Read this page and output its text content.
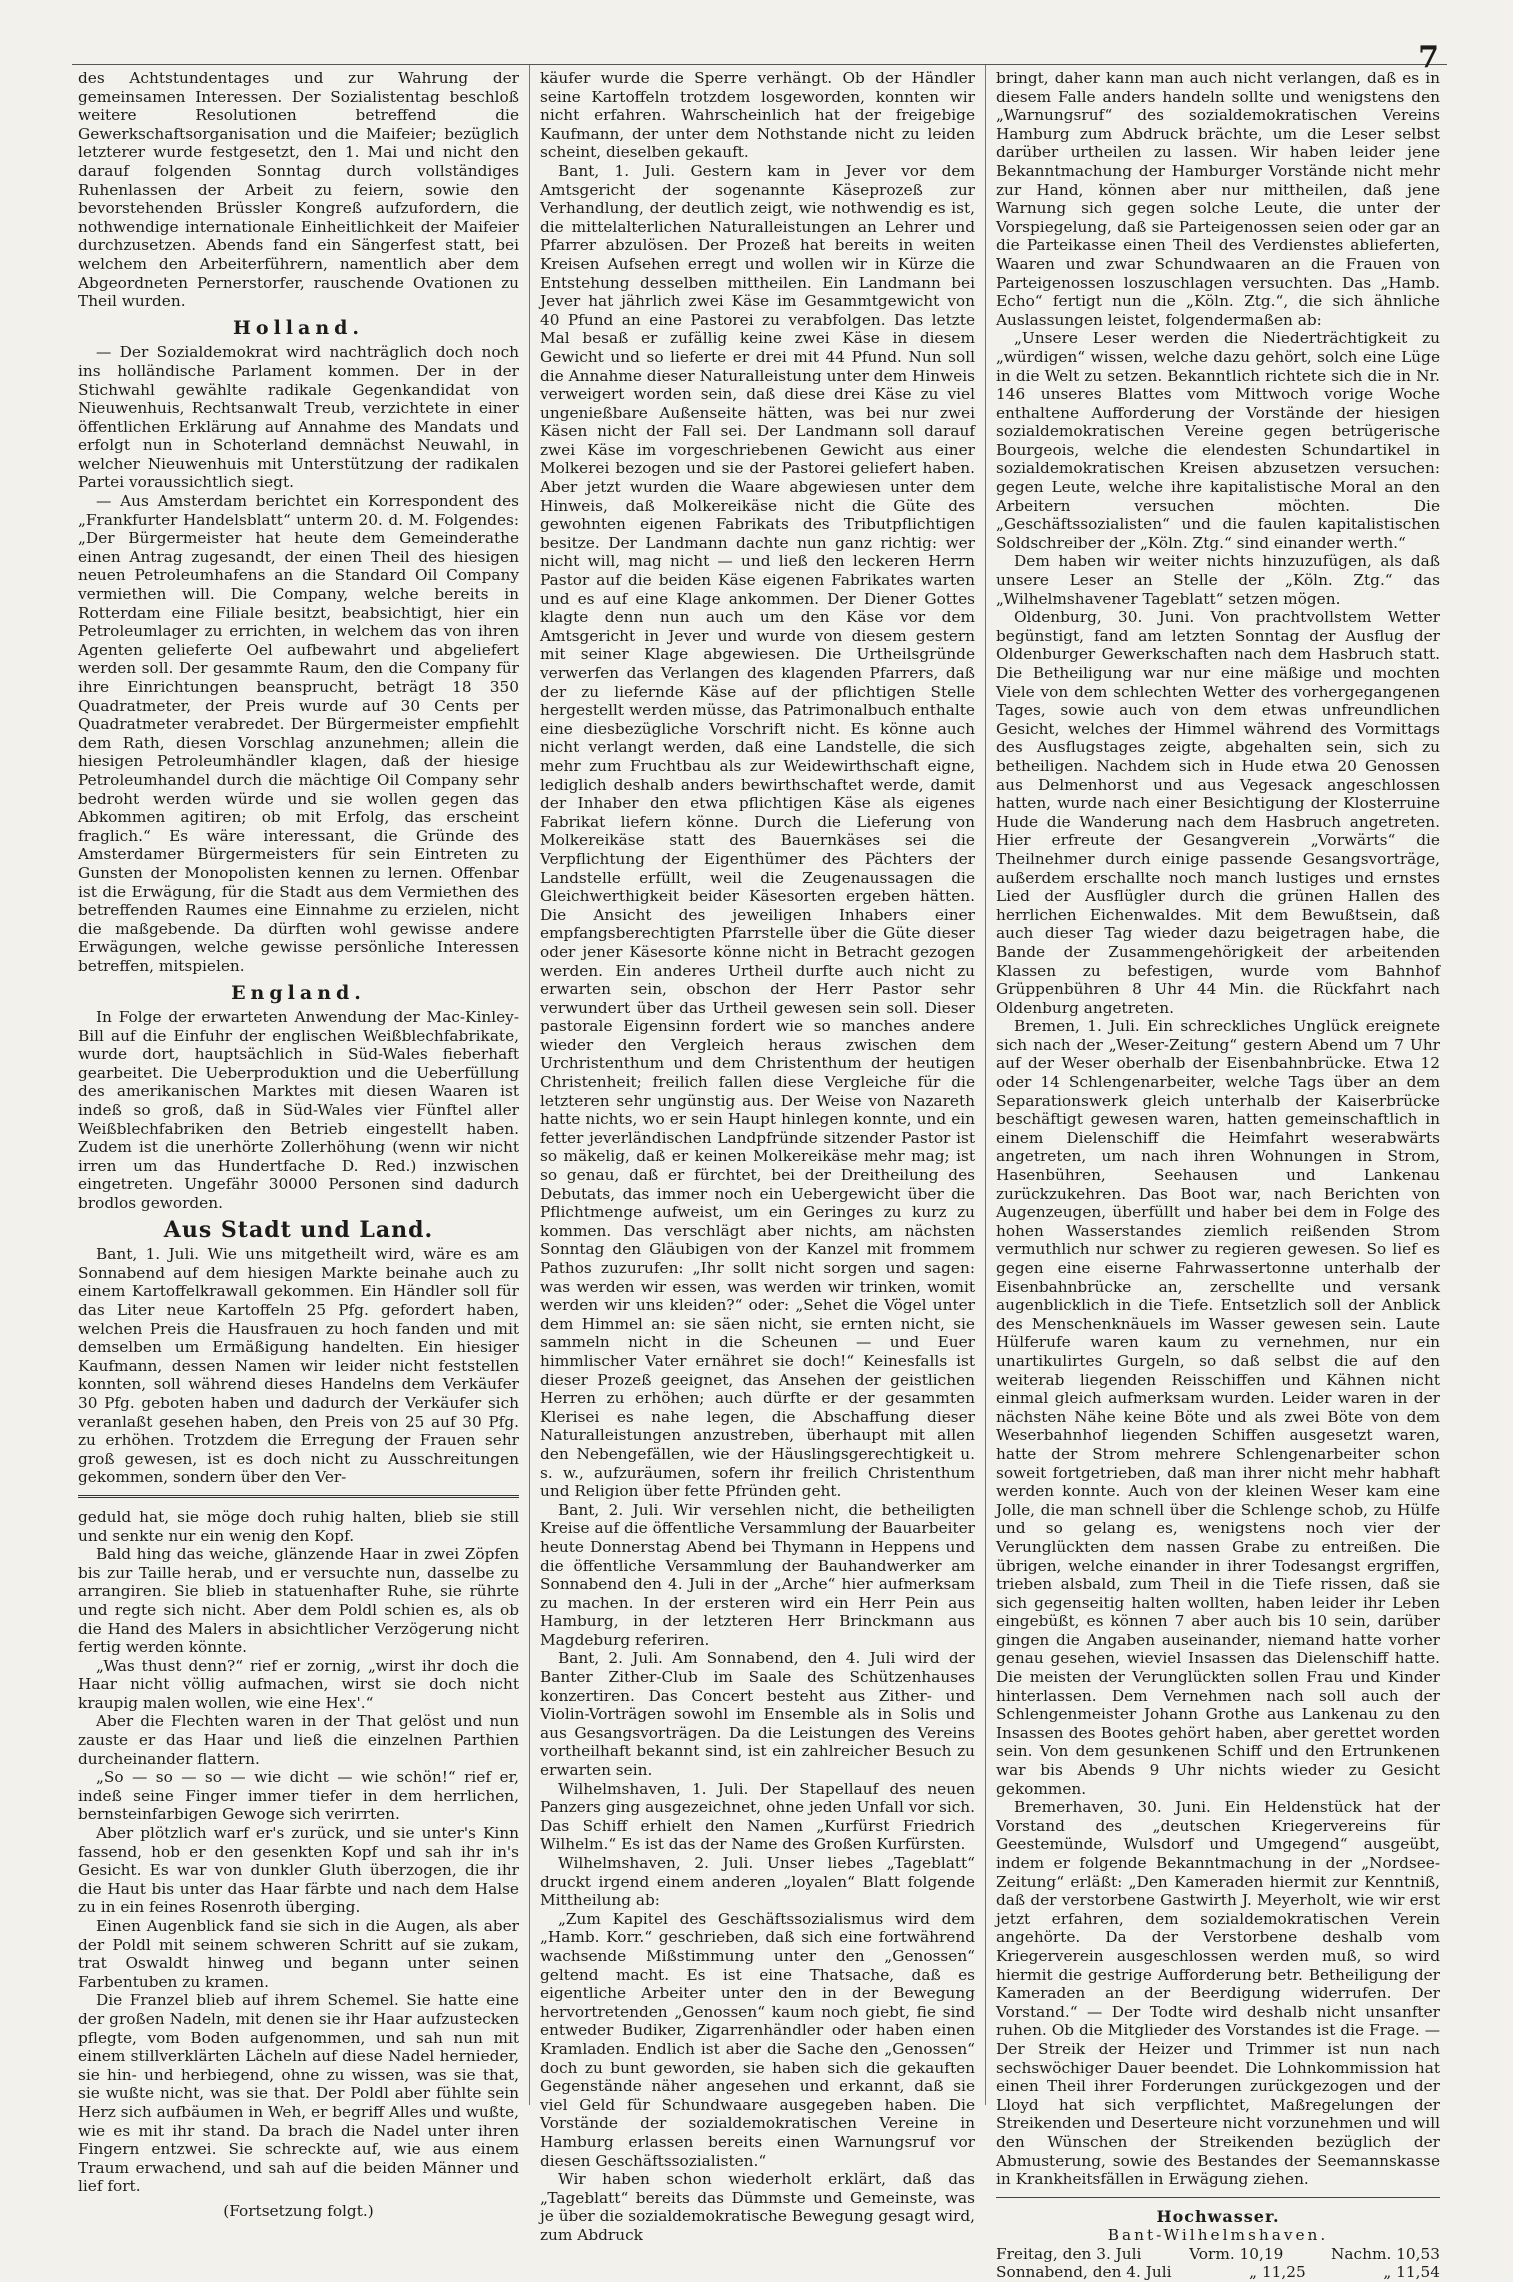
7

des Achtstundentages und zur Wahrung der gemeinsamen Interessen. Der Sozialistentag beschloß weitere Resolutionen betreffend die Gewerkschaftsorganisation und die Maifeier; bezüglich letzterer wurde festgesetzt, den 1. Mai und nicht den darauf folgenden Sonntag durch vollständiges Ruhenlassen der Arbeit zu feiern, sowie den bevorstehenden Brüssler Kongreß aufzufordern, die nothwendige internationale Einheitlichkeit der Maifeier durchzusetzen. Abends fand ein Sängerfest statt, bei welchem den Arbeiterführern, namentlich aber dem Abgeordneten Pernerstorfer, rauschende Ovationen zu Theil wurden.

Holland.

— Der Sozialdemokrat wird nachträglich doch noch ins holländische Parlament kommen. Der in der Stichwahl gewählte radikale Gegenkandidat von Nieuwenhuis, Rechtsanwalt Treub, verzichtete in einer öffentlichen Erklärung auf Annahme des Mandats und erfolgt nun in Schoterland demnächst Neuwahl, in welcher Nieuwenhuis mit Unterstützung der radikalen Partei voraussichtlich siegt.

— Aus Amsterdam berichtet ein Korrespondent des „Frankfurter Handelsblatt“ unterm 20. d. M. Folgendes: „Der Bürgermeister hat heute dem Gemeinderathe einen Antrag zugesandt, der einen Theil des hiesigen neuen Petroleumhafens an die Standard Oil Company vermiethen will. Die Company, welche bereits in Rotterdam eine Filiale besitzt, beabsichtigt, hier ein Petroleumlager zu errichten, in welchem das von ihren Agenten gelieferte Oel aufbewahrt und abgeliefert werden soll. Der gesammte Raum, den die Company für ihre Einrichtungen beansprucht, beträgt 18 350 Quadratmeter, der Preis wurde auf 30 Cents per Quadratmeter verabredet. Der Bürgermeister empfiehlt dem Rath, diesen Vorschlag anzunehmen; allein die hiesigen Petroleumhändler klagen, daß der hiesige Petroleumhandel durch die mächtige Oil Company sehr bedroht werden würde und sie wollen gegen das Abkommen agitiren; ob mit Erfolg, das erscheint fraglich.“ Es wäre interessant, die Gründe des Amsterdamer Bürgermeisters für sein Eintreten zu Gunsten der Monopolisten kennen zu lernen. Offenbar ist die Erwägung, für die Stadt aus dem Vermiethen des betreffenden Raumes eine Einnahme zu erzielen, nicht die maßgebende. Da dürften wohl gewisse andere Erwägungen, welche gewisse persönliche Interessen betreffen, mitspielen.

England.

In Folge der erwarteten Anwendung der Mac-Kinley-Bill auf die Einfuhr der englischen Weißblechfabrikate, wurde dort, hauptsächlich in Süd-Wales fieberhaft gearbeitet. Die Ueberproduktion und die Ueberfüllung des amerikanischen Marktes mit diesen Waaren ist indeß so groß, daß in Süd-Wales vier Fünftel aller Weißblechfabriken den Betrieb eingestellt haben. Zudem ist die unerhörte Zollerhöhung (wenn wir nicht irren um das Hundertfache D. Red.) inzwischen eingetreten. Ungefähr 30000 Personen sind dadurch brodlos geworden.

Aus Stadt und Land.

Bant, 1. Juli. Wie uns mitgetheilt wird, wäre es am Sonnabend auf dem hiesigen Markte beinahe auch zu einem Kartoffelkrawall gekommen. Ein Händler soll für das Liter neue Kartoffeln 25 Pfg. gefordert haben, welchen Preis die Hausfrauen zu hoch fanden und mit demselben um Ermäßigung handelten. Ein hiesiger Kaufmann, dessen Namen wir leider nicht feststellen konnten, soll während dieses Handelns dem Verkäufer 30 Pfg. geboten haben und dadurch der Verkäufer sich veranlaßt gesehen haben, den Preis von 25 auf 30 Pfg. zu erhöhen. Trotzdem die Erregung der Frauen sehr groß gewesen, ist es doch nicht zu Ausschreitungen gekommen, sondern über den Ver-

geduld hat, sie möge doch ruhig halten, blieb sie still und senkte nur ein wenig den Kopf.

Bald hing das weiche, glänzende Haar in zwei Zöpfen bis zur Taille herab, und er versuchte nun, dasselbe zu arrangiren. Sie blieb in statuenhafter Ruhe, sie rührte und regte sich nicht. Aber dem Poldl schien es, als ob die Hand des Malers in absichtlicher Verzögerung nicht fertig werden könnte.

„Was thust denn?“ rief er zornig, „wirst ihr doch die Haar nicht völlig aufmachen, wirst sie doch nicht kraupig malen wollen, wie eine Hex'.“

Aber die Flechten waren in der That gelöst und nun zauste er das Haar und ließ die einzelnen Parthien durcheinander flattern.

„So — so — so — wie dicht — wie schön!“ rief er, indeß seine Finger immer tiefer in dem herrlichen, bernsteinfarbigen Gewoge sich verirrten.

Aber plötzlich warf er's zurück, und sie unter's Kinn fassend, hob er den gesenkten Kopf und sah ihr in's Gesicht. Es war von dunkler Gluth überzogen, die ihr die Haut bis unter das Haar färbte und nach dem Halse zu in ein feines Rosenroth überging.

Einen Augenblick fand sie sich in die Augen, als aber der Poldl mit seinem schweren Schritt auf sie zukam, trat Oswaldt hinweg und begann unter seinen Farbentuben zu kramen.

Die Franzel blieb auf ihrem Schemel. Sie hatte eine der großen Nadeln, mit denen sie ihr Haar aufzustecken pflegte, vom Boden aufgenommen, und sah nun mit einem stillverklärten Lächeln auf diese Nadel hernieder, sie hin- und herbiegend, ohne zu wissen, was sie that, sie wußte nicht, was sie that. Der Poldl aber fühlte sein Herz sich aufbäumen in Weh, er begriff Alles und wußte, wie es mit ihr stand. Da brach die Nadel unter ihren Fingern entzwei. Sie schreckte auf, wie aus einem Traum erwachend, und sah auf die beiden Männer und lief fort.

(Fortsetzung folgt.)

käufer wurde die Sperre verhängt. Ob der Händler seine Kartoffeln trotzdem losgeworden, konnten wir nicht erfahren. Wahrscheinlich hat der freigebige Kaufmann, der unter dem Nothstande nicht zu leiden scheint, dieselben gekauft.

Bant, 1. Juli. Gestern kam in Jever vor dem Amtsgericht der sogenannte Käseprozeß zur Verhandlung, der deutlich zeigt, wie nothwendig es ist, die mittelalterlichen Naturalleistungen an Lehrer und Pfarrer abzulösen. Der Prozeß hat bereits in weiten Kreisen Aufsehen erregt und wollen wir in Kürze die Entstehung desselben mittheilen. Ein Landmann bei Jever hat jährlich zwei Käse im Gesammtgewicht von 40 Pfund an eine Pastorei zu verabfolgen. Das letzte Mal besaß er zufällig keine zwei Käse in diesem Gewicht und so lieferte er drei mit 44 Pfund. Nun soll die Annahme dieser Naturalleistung unter dem Hinweis verweigert worden sein, daß diese drei Käse zu viel ungenießbare Außenseite hätten, was bei nur zwei Käsen nicht der Fall sei. Der Landmann soll darauf zwei Käse im vorgeschriebenen Gewicht aus einer Molkerei bezogen und sie der Pastorei geliefert haben. Aber jetzt wurden die Waare abgewiesen unter dem Hinweis, daß Molkereikäse nicht die Güte des gewohnten eigenen Fabrikats des Tributpflichtigen besitze. Der Landmann dachte nun ganz richtig: wer nicht will, mag nicht — und ließ den leckeren Herrn Pastor auf die beiden Käse eigenen Fabrikates warten und es auf eine Klage ankommen. Der Diener Gottes klagte denn nun auch um den Käse vor dem Amtsgericht in Jever und wurde von diesem gestern mit seiner Klage abgewiesen. Die Urtheilsgründe verwerfen das Verlangen des klagenden Pfarrers, daß der zu liefernde Käse auf der pflichtigen Stelle hergestellt werden müsse, das Patrimonalbuch enthalte eine diesbezügliche Vorschrift nicht. Es könne auch nicht verlangt werden, daß eine Landstelle, die sich mehr zum Fruchtbau als zur Weidewirthschaft eigne, lediglich deshalb anders bewirthschaftet werde, damit der Inhaber den etwa pflichtigen Käse als eigenes Fabrikat liefern könne. Durch die Lieferung von Molkereikäse statt des Bauernkäses sei die Verpflichtung der Eigenthümer des Pächters der Landstelle erfüllt, weil die Zeugenaussagen die Gleichwerthigkeit beider Käsesorten ergeben hätten. Die Ansicht des jeweiligen Inhabers einer empfangsberechtigten Pfarrstelle über die Güte dieser oder jener Käsesorte könne nicht in Betracht gezogen werden. Ein anderes Urtheil durfte auch nicht zu erwarten sein, obschon der Herr Pastor sehr verwundert über das Urtheil gewesen sein soll. Dieser pastorale Eigensinn fordert wie so manches andere wieder den Vergleich heraus zwischen dem Urchristenthum und dem Christenthum der heutigen Christenheit; freilich fallen diese Vergleiche für die letzteren sehr ungünstig aus. Der Weise von Nazareth hatte nichts, wo er sein Haupt hinlegen konnte, und ein fetter jeverländischen Landpfründe sitzender Pastor ist so mäkelig, daß er keinen Molkereikäse mehr mag; ist so genau, daß er fürchtet, bei der Dreitheilung des Debutats, das immer noch ein Uebergewicht über die Pflichtmenge aufweist, um ein Geringes zu kurz zu kommen. Das verschlägt aber nichts, am nächsten Sonntag den Gläubigen von der Kanzel mit frommem Pathos zuzurufen: „Ihr sollt nicht sorgen und sagen: was werden wir essen, was werden wir trinken, womit werden wir uns kleiden?“ oder: „Sehet die Vögel unter dem Himmel an: sie säen nicht, sie ernten nicht, sie sammeln nicht in die Scheunen — und Euer himmlischer Vater ernähret sie doch!“ Keinesfalls ist dieser Prozeß geeignet, das Ansehen der geistlichen Herren zu erhöhen; auch dürfte er der gesammten Klerisei es nahe legen, die Abschaffung dieser Naturalleistungen anzustreben, überhaupt mit allen den Nebengefällen, wie der Häuslingsgerechtigkeit u. s. w., aufzuräumen, sofern ihr freilich Christenthum und Religion über fette Pfründen geht.

Bant, 2. Juli. Wir versehlen nicht, die betheiligten Kreise auf die öffentliche Versammlung der Bauarbeiter heute Donnerstag Abend bei Thymann in Heppens und die öffentliche Versammlung der Bauhandwerker am Sonnabend den 4. Juli in der „Arche“ hier aufmerksam zu machen. In der ersteren wird ein Herr Pein aus Hamburg, in der letzteren Herr Brinckmann aus Magdeburg referiren.

Bant, 2. Juli. Am Sonnabend, den 4. Juli wird der Banter Zither-Club im Saale des Schützenhauses konzertiren. Das Concert besteht aus Zither- und Violin-Vorträgen sowohl im Ensemble als in Solis und aus Gesangsvorträgen. Da die Leistungen des Vereins vortheilhaft bekannt sind, ist ein zahlreicher Besuch zu erwarten sein.

Wilhelmshaven, 1. Juli. Der Stapellauf des neuen Panzers ging ausgezeichnet, ohne jeden Unfall vor sich. Das Schiff erhielt den Namen „Kurfürst Friedrich Wilhelm.“ Es ist das der Name des Großen Kurfürsten.

Wilhelmshaven, 2. Juli. Unser liebes „Tageblatt“ druckt irgend einem anderen „loyalen“ Blatt folgende Mittheilung ab:

„Zum Kapitel des Geschäftssozialismus wird dem „Hamb. Korr.“ geschrieben, daß sich eine fortwährend wachsende Mißstimmung unter den „Genossen“ geltend macht. Es ist eine Thatsache, daß es eigentliche Arbeiter unter den in der Bewegung hervortretenden „Genossen“ kaum noch giebt, fie sind entweder Budiker, Zigarrenhändler oder haben einen Kramladen. Endlich ist aber die Sache den „Genossen“ doch zu bunt geworden, sie haben sich die gekauften Gegenstände näher angesehen und erkannt, daß sie viel Geld für Schundwaare ausgegeben haben. Die Vorstände der sozialdemokratischen Vereine in Hamburg erlassen bereits einen Warnungsruf vor diesen Geschäftssozialisten.“

Wir haben schon wiederholt erklärt, daß das „Tageblatt“ bereits das Dümmste und Gemeinste, was je über die sozialdemokratische Bewegung gesagt wird, zum Abdruck

bringt, daher kann man auch nicht verlangen, daß es in diesem Falle anders handeln sollte und wenigstens den „Warnungsruf“ des sozialdemokratischen Vereins Hamburg zum Abdruck brächte, um die Leser selbst darüber urtheilen zu lassen. Wir haben leider jene Bekanntmachung der Hamburger Vorstände nicht mehr zur Hand, können aber nur mittheilen, daß jene Warnung sich gegen solche Leute, die unter der Vorspiegelung, daß sie Parteigenossen seien oder gar an die Parteikasse einen Theil des Verdienstes ablieferten, Waaren und zwar Schundwaaren an die Frauen von Parteigenossen loszuschlagen versuchten. Das „Hamb. Echo“ fertigt nun die „Köln. Ztg.“, die sich ähnliche Auslassungen leistet, folgendermaßen ab:

„Unsere Leser werden die Niederträchtigkeit zu „würdigen“ wissen, welche dazu gehört, solch eine Lüge in die Welt zu setzen. Bekanntlich richtete sich die in Nr. 146 unseres Blattes vom Mittwoch vorige Woche enthaltene Aufforderung der Vorstände der hiesigen sozialdemokratischen Vereine gegen betrügerische Bourgeois, welche die elendesten Schundartikel in sozialdemokratischen Kreisen abzusetzen versuchen: gegen Leute, welche ihre kapitalistische Moral an den Arbeitern versuchen möchten. Die „Geschäftssozialisten“ und die faulen kapitalistischen Soldschreiber der „Köln. Ztg.“ sind einander werth.“

Dem haben wir weiter nichts hinzuzufügen, als daß unsere Leser an Stelle der „Köln. Ztg.“ das „Wilhelmshavener Tageblatt“ setzen mögen.

Oldenburg, 30. Juni. Von prachtvollstem Wetter begünstigt, fand am letzten Sonntag der Ausflug der Oldenburger Gewerkschaften nach dem Hasbruch statt. Die Betheiligung war nur eine mäßige und mochten Viele von dem schlechten Wetter des vorhergegangenen Tages, sowie auch von dem etwas unfreundlichen Gesicht, welches der Himmel während des Vormittags des Ausflugstages zeigte, abgehalten sein, sich zu betheiligen. Nachdem sich in Hude etwa 20 Genossen aus Delmenhorst und aus Vegesack angeschlossen hatten, wurde nach einer Besichtigung der Klosterruine Hude die Wanderung nach dem Hasbruch angetreten. Hier erfreute der Gesangverein „Vorwärts“ die Theilnehmer durch einige passende Gesangsvorträge, außerdem erschallte noch manch lustiges und ernstes Lied der Ausflügler durch die grünen Hallen des herrlichen Eichenwaldes. Mit dem Bewußtsein, daß auch dieser Tag wieder dazu beigetragen habe, die Bande der Zusammengehörigkeit der arbeitenden Klassen zu befestigen, wurde vom Bahnhof Grüppenbühren 8 Uhr 44 Min. die Rückfahrt nach Oldenburg angetreten.

Bremen, 1. Juli. Ein schreckliches Unglück ereignete sich nach der „Weser-Zeitung“ gestern Abend um 7 Uhr auf der Weser oberhalb der Eisenbahnbrücke. Etwa 12 oder 14 Schlengenarbeiter, welche Tags über an dem Separationswerk gleich unterhalb der Kaiserbrücke beschäftigt gewesen waren, hatten gemeinschaftlich in einem Dielenschiff die Heimfahrt weserabwärts angetreten, um nach ihren Wohnungen in Strom, Hasenbühren, Seehausen und Lankenau zurückzukehren. Das Boot war, nach Berichten von Augenzeugen, überfüllt und haber bei dem in Folge des hohen Wasserstandes ziemlich reißenden Strom vermuthlich nur schwer zu regieren gewesen. So lief es gegen eine eiserne Fahrwassertonne unterhalb der Eisenbahnbrücke an, zerschellte und versank augenblicklich in die Tiefe. Entsetzlich soll der Anblick des Menschenknäuels im Wasser gewesen sein. Laute Hülferufe waren kaum zu vernehmen, nur ein unartikulirtes Gurgeln, so daß selbst die auf den weiterab liegenden Reisschiffen und Kähnen nicht einmal gleich aufmerksam wurden. Leider waren in der nächsten Nähe keine Böte und als zwei Böte von dem Weserbahnhof liegenden Schiffen ausgesetzt waren, hatte der Strom mehrere Schlengenarbeiter schon soweit fortgetrieben, daß man ihrer nicht mehr habhaft werden konnte. Auch von der kleinen Weser kam eine Jolle, die man schnell über die Schlenge schob, zu Hülfe und so gelang es, wenigstens noch vier der Verunglückten dem nassen Grabe zu entreißen. Die übrigen, welche einander in ihrer Todesangst ergriffen, trieben alsbald, zum Theil in die Tiefe rissen, daß sie sich gegenseitig halten wollten, haben leider ihr Leben eingebüßt, es können 7 aber auch bis 10 sein, darüber gingen die Angaben auseinander, niemand hatte vorher genau gesehen, wieviel Insassen das Dielenschiff hatte. Die meisten der Verunglückten sollen Frau und Kinder hinterlassen. Dem Vernehmen nach soll auch der Schlengenmeister Johann Grothe aus Lankenau zu den Insassen des Bootes gehört haben, aber gerettet worden sein. Von dem gesunkenen Schiff und den Ertrunkenen war bis Abends 9 Uhr nichts wieder zu Gesicht gekommen.

Bremerhaven, 30. Juni. Ein Heldenstück hat der Vorstand des „deutschen Kriegervereins für Geestemünde, Wulsdorf und Umgegend“ ausgeübt, indem er folgende Bekanntmachung in der „Nordsee-Zeitung“ erläßt: „Den Kameraden hiermit zur Kenntniß, daß der verstorbene Gastwirth J. Meyerholt, wie wir erst jetzt erfahren, dem sozialdemokratischen Verein angehörte. Da der Verstorbene deshalb vom Kriegerverein ausgeschlossen werden muß, so wird hiermit die gestrige Aufforderung betr. Betheiligung der Kameraden an der Beerdigung widerrufen. Der Vorstand.“ — Der Todte wird deshalb nicht unsanfter ruhen. Ob die Mitglieder des Vorstandes ist die Frage. — Der Streik der Heizer und Trimmer ist nun nach sechswöchiger Dauer beendet. Die Lohnkommission hat einen Theil ihrer Forderungen zurückgezogen und der Lloyd hat sich verpflichtet, Maßregelungen der Streikenden und Deserteure nicht vorzunehmen und will den Wünschen der Streikenden bezüglich der Abmusterung, sowie des Bestandes der Seemannskasse in Krankheitsfällen in Erwägung ziehen.

Hochwasser.
Bant-Wilhelmshaven.
Freitag, den 3. Juli	Vorm. 10,19	Nachm. 10,53
Sonnabend, den 4. Juli	„ 11,25	„ 11,54
